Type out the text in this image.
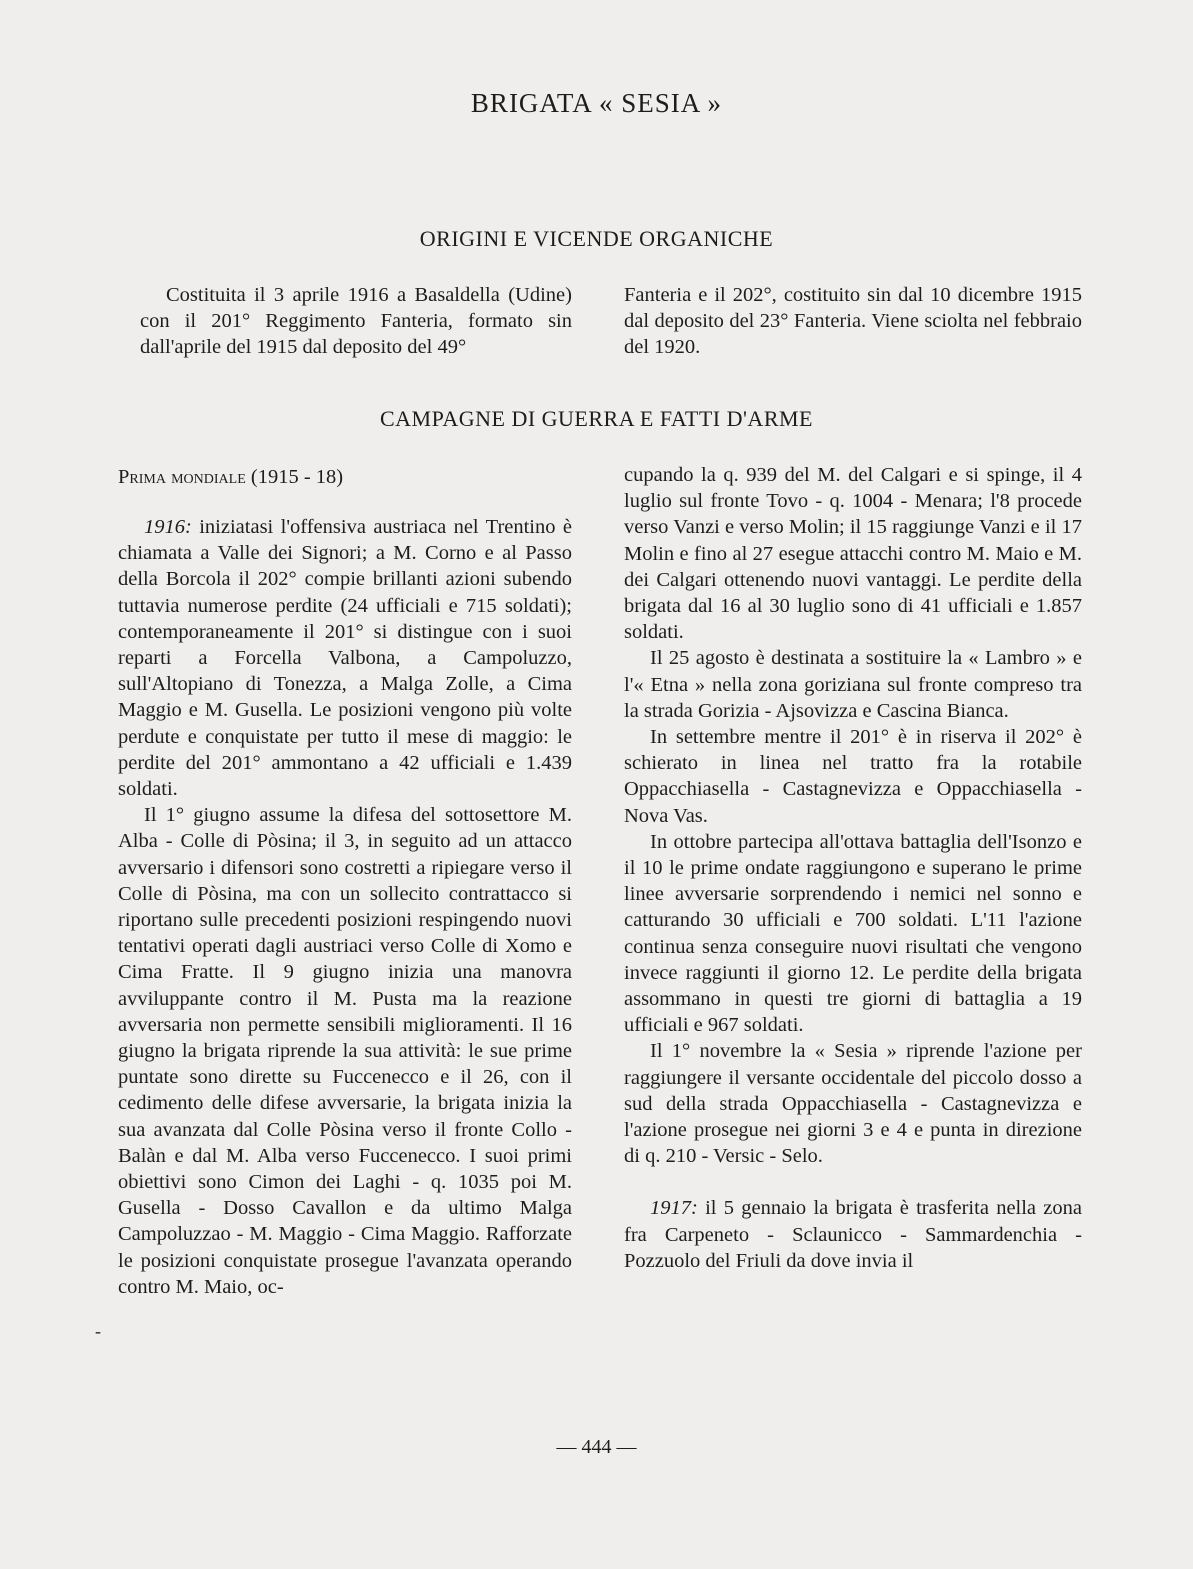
BRIGATA « SESIA »
ORIGINI E VICENDE ORGANICHE

Costituita il 3 aprile 1916 a Basaldella (Udine) con il 201° Reggimento Fanteria, formato sin dall'aprile del 1915 dal deposito del 49°

Fanteria e il 202°, costituito sin dal 10 dicembre 1915 dal deposito del 23° Fanteria. Viene sciolta nel febbraio del 1920.

CAMPAGNE DI GUERRA E FATTI D'ARME
Prima mondiale (1915 - 18)

1916: iniziatasi l'offensiva austriaca nel Trentino è chiamata a Valle dei Signori; a M. Corno e al Passo della Borcola il 202° compie brillanti azioni subendo tuttavia numerose perdite (24 ufficiali e 715 soldati); contemporaneamente il 201° si distingue con i suoi reparti a Forcella Valbona, a Campoluzzo, sull'Altopiano di Tonezza, a Malga Zolle, a Cima Maggio e M. Gusella. Le posizioni vengono più volte perdute e conquistate per tutto il mese di maggio: le perdite del 201° ammontano a 42 ufficiali e 1.439 soldati.

Il 1° giugno assume la difesa del sottosettore M. Alba - Colle di Pòsina; il 3, in seguito ad un attacco avversario i difensori sono costretti a ripiegare verso il Colle di Pòsina, ma con un sollecito contrattacco si riportano sulle precedenti posizioni respingendo nuovi tentativi operati dagli austriaci verso Colle di Xomo e Cima Fratte. Il 9 giugno inizia una manovra avviluppante contro il M. Pusta ma la reazione avversaria non permette sensibili miglioramenti. Il 16 giugno la brigata riprende la sua attività: le sue prime puntate sono dirette su Fuccenecco e il 26, con il cedimento delle difese avversarie, la brigata inizia la sua avanzata dal Colle Pòsina verso il fronte Collo - Balàn e dal M. Alba verso Fuccenecco. I suoi primi obiettivi sono Cimon dei Laghi - q. 1035 poi M. Gusella - Dosso Cavallon e da ultimo Malga Campoluzzao - M. Maggio - Cima Maggio. Rafforzate le posizioni conquistate prosegue l'avanzata operando contro M. Maio, oc-

cupando la q. 939 del M. del Calgari e si spinge, il 4 luglio sul fronte Tovo - q. 1004 - Menara; l'8 procede verso Vanzi e verso Molin; il 15 raggiunge Vanzi e il 17 Molin e fino al 27 esegue attacchi contro M. Maio e M. dei Calgari ottenendo nuovi vantaggi. Le perdite della brigata dal 16 al 30 luglio sono di 41 ufficiali e 1.857 soldati.

Il 25 agosto è destinata a sostituire la « Lambro » e l'« Etna » nella zona goriziana sul fronte compreso tra la strada Gorizia - Ajsovizza e Cascina Bianca.

In settembre mentre il 201° è in riserva il 202° è schierato in linea nel tratto fra la rotabile Oppacchiasella - Castagnevizza e Oppacchiasella - Nova Vas.

In ottobre partecipa all'ottava battaglia dell'Isonzo e il 10 le prime ondate raggiungono e superano le prime linee avversarie sorprendendo i nemici nel sonno e catturando 30 ufficiali e 700 soldati. L'11 l'azione continua senza conseguire nuovi risultati che vengono invece raggiunti il giorno 12. Le perdite della brigata assommano in questi tre giorni di battaglia a 19 ufficiali e 967 soldati.

Il 1° novembre la « Sesia » riprende l'azione per raggiungere il versante occidentale del piccolo dosso a sud della strada Oppacchiasella - Castagnevizza e l'azione prosegue nei giorni 3 e 4 e punta in direzione di q. 210 - Versic - Selo.

1917: il 5 gennaio la brigata è trasferita nella zona fra Carpeneto - Sclaunicco - Sammardenchia - Pozzuolo del Friuli da dove invia il

-
— 444 —
